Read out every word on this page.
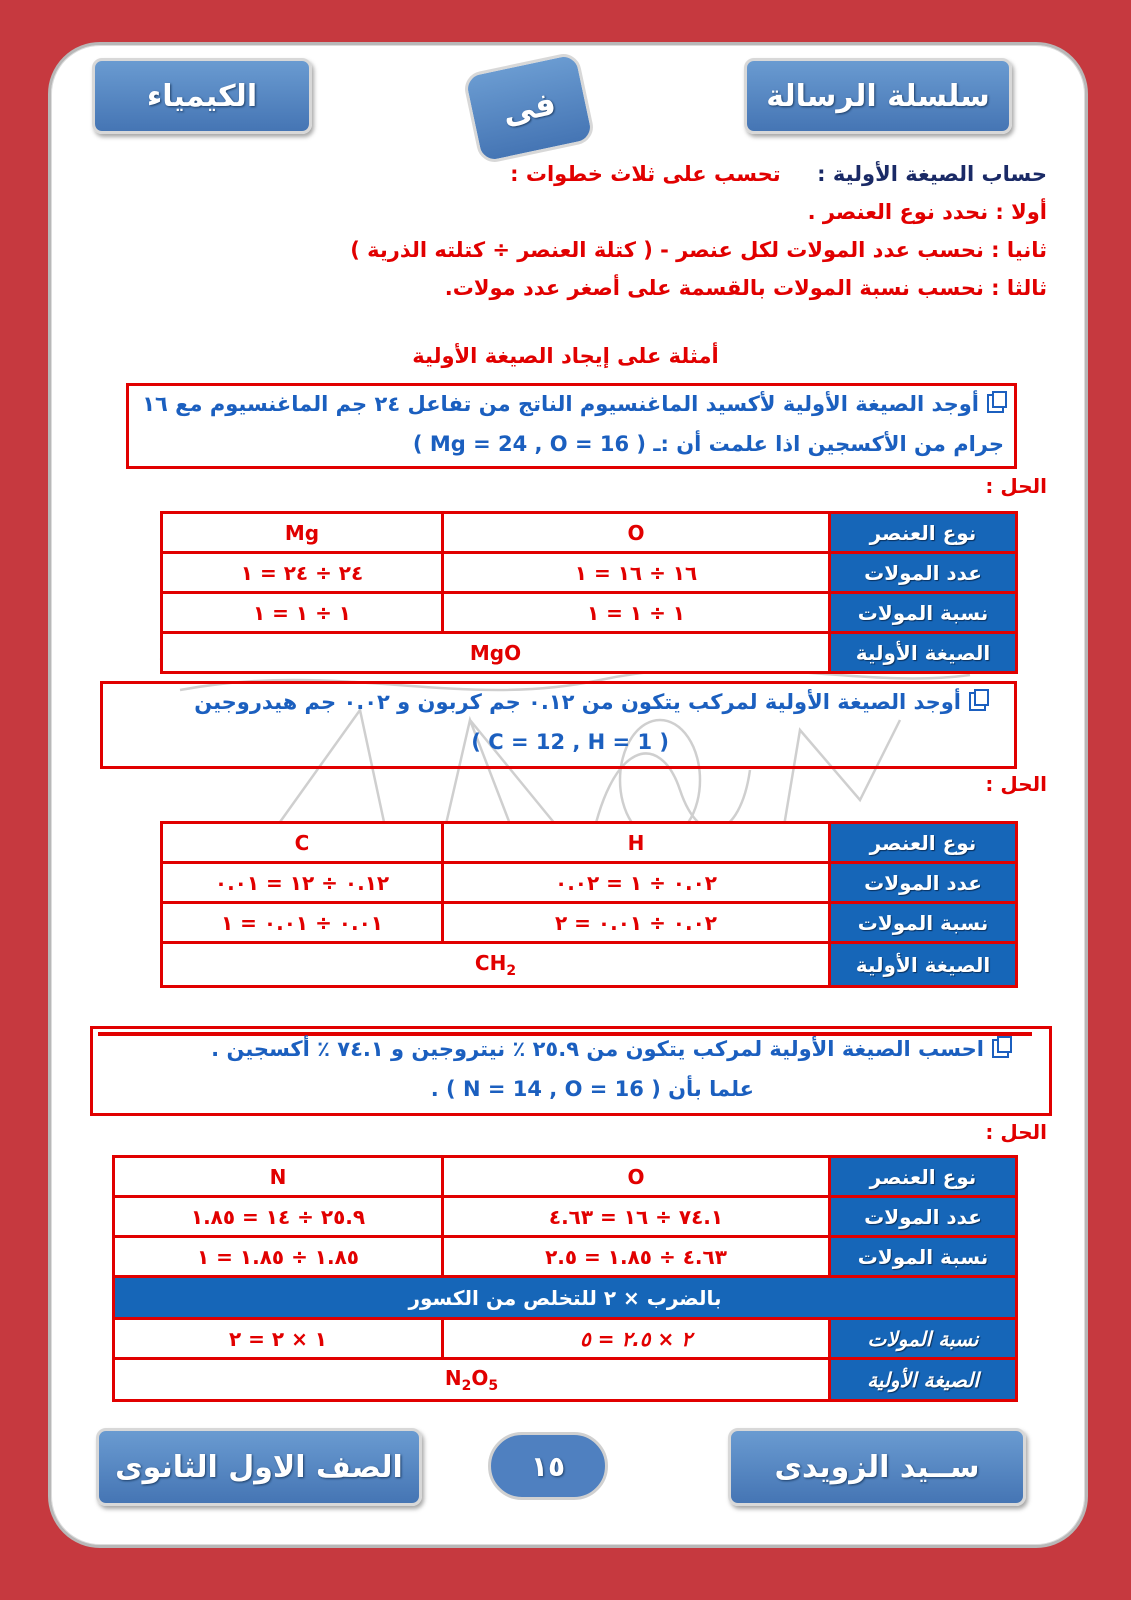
سلسلة الرسالة
فى
الكيمياء
حساب الصيغة الأولية :     تحسب على ثلاث خطوات :
أولا : نحدد نوع العنصر .
ثانيا : نحسب عدد المولات لكل عنصر - ( كتلة العنصر ÷ كتلته الذرية )
ثالثا : نحسب نسبة المولات بالقسمة على أصغر عدد مولات.
أمثلة على إيجاد الصيغة الأولية
أوجد الصيغة الأولية لأكسيد الماغنسيوم الناتج من تفاعل ٢٤ جم الماغنسيوم مع ١٦
جرام من الأكسجين اذا علمت أن :ـ ( Mg = 24 , O = 16 )
الحل :
نوع العنصر	O	Mg
عدد المولات	١٦ ÷ ١٦ = ١	٢٤ ÷ ٢٤ = ١
نسبة المولات	١ ÷ ١ = ١	١ ÷ ١ = ١
الصيغة الأولية	MgO	
أوجد الصيغة الأولية لمركب يتكون من ٠.١٢ جم كربون و ٠.٠٢ جم هيدروجين
( C = 12 , H = 1 )
الحل :
نوع العنصر	H	C
عدد المولات	٠.٠٢ ÷ ١ = ٠.٠٢	٠.١٢ ÷ ١٢ = ٠.٠١
نسبة المولات	٠.٠٢ ÷ ٠.٠١ = ٢	٠.٠١ ÷ ٠.٠١ = ١
الصيغة الأولية	$CH_2$
احسب الصيغة الأولية لمركب يتكون من ٢٥.٩ ٪ نيتروجين و ٧٤.١ ٪ أكسجين .
علما بأن ( N = 14 , O = 16 ) .
الحل :
نوع العنصر	O	N
عدد المولات	٧٤.١ ÷ ١٦ = ٤.٦٣	٢٥.٩ ÷ ١٤ = ١.٨٥
نسبة المولات	٤.٦٣ ÷ ١.٨٥ = ٢.٥	١.٨٥ ÷ ١.٨٥ = ١
بالضرب × ٢ للتخلص من الكسور		
نسبة المولات	٢ × ٢.٥ = ٥	١ × ٢ = ٢
الصيغة الأولية	$N_2O_5$
ســيد الزويدى
١٥
الصف الاول الثانوى
